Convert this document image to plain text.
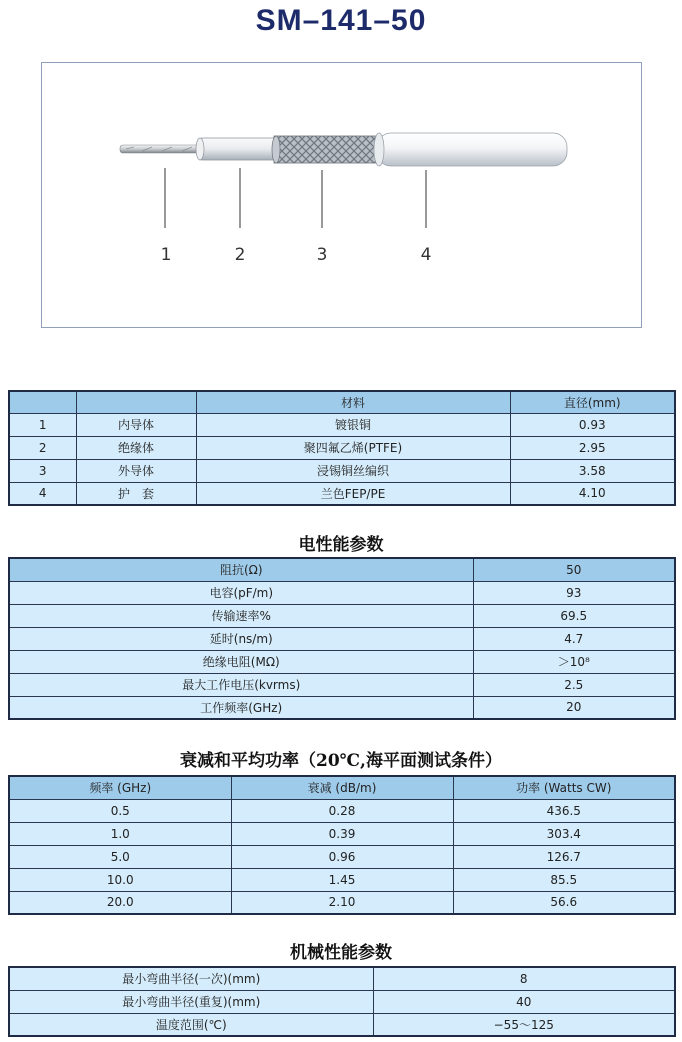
SM–141–50
1	2	3	4
		材料	直径(mm)
1	内导体	镀银铜	0.93
2	绝缘体	聚四氟乙烯(PTFE)	2.95
3	外导体	浸锡铜丝编织	3.58
4	护　套	兰色FEP/PE	4.10
电性能参数
阻抗(Ω)	50
电容(pF/m)	93
传输速率%	69.5
延时(ns/m)	4.7
绝缘电阻(MΩ)	＞10⁸
最大工作电压(kvrms)	2.5
工作频率(GHz)	20
衰减和平均功率（20℃,海平面测试条件）
频率 (GHz)	衰减 (dB/m)	功率 (Watts CW)
0.5	0.28	436.5
1.0	0.39	303.4
5.0	0.96	126.7
10.0	1.45	85.5
20.0	2.10	56.6
机械性能参数
最小弯曲半径(一次)(mm)	8
最小弯曲半径(重复)(mm)	40
温度范围(℃)	−55～125
